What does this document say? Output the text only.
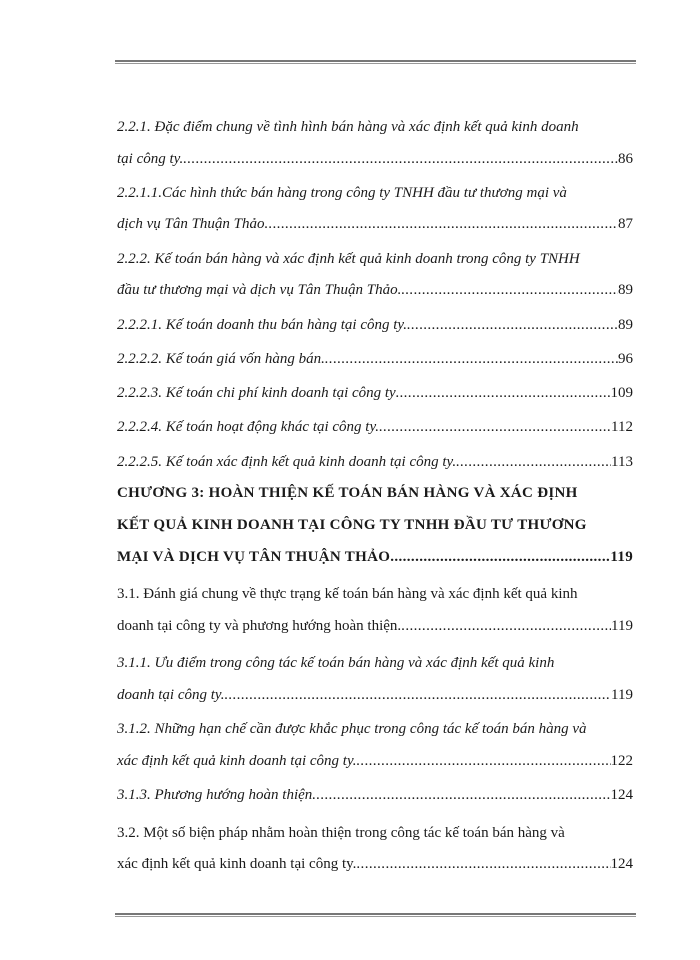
2.2.1. Đặc điểm chung về tình hình bán hàng và xác định kết quả kinh doanh
tại công ty. .....	86
2.2.1.1.Các hình thức bán hàng trong công ty TNHH đầu tư thương mại và
dịch vụ Tân Thuận Thảo .....	87
2.2.2. Kế toán bán hàng và xác định kết quả kinh doanh trong công ty TNHH
đầu tư thương mại và dịch vụ Tân Thuận Thảo. .....	89
2.2.2.1. Kế toán doanh thu bán hàng tại công ty. .....	89
2.2.2.2. Kế toán giá vốn hàng bán. .....	96
2.2.2.3. Kế toán chi phí kinh doanh tại công ty .....	109
2.2.2.4. Kế toán hoạt động khác tại công ty. .....	112
2.2.2.5. Kế toán xác định kết quả kinh doanh tại công ty. .....	113
CHƯƠNG 3: HOÀN THIỆN KẾ TOÁN BÁN HÀNG VÀ XÁC ĐỊNH
KẾT QUẢ KINH DOANH TẠI CÔNG TY TNHH ĐẦU TƯ THƯƠNG
MẠI VÀ DỊCH VỤ TÂN THUẬN THẢO .....	119
3.1. Đánh giá chung về thực trạng kế toán bán hàng và xác định kết quả kinh
doanh tại công ty và phương hướng hoàn thiện. .....	119
3.1.1. Ưu điểm trong công tác kế toán bán hàng và xác định kết quả kinh
doanh tại công ty. .....	119
3.1.2. Những hạn chế cần được khắc phục trong công tác kế toán bán hàng và
xác định kết quả kinh doanh tại công ty. .....	122
3.1.3. Phương hướng hoàn thiện .....	124
3.2. Một số biện pháp nhằm hoàn thiện trong công tác kế toán bán hàng và
xác định kết quả kinh doanh tại công ty. .....	124
